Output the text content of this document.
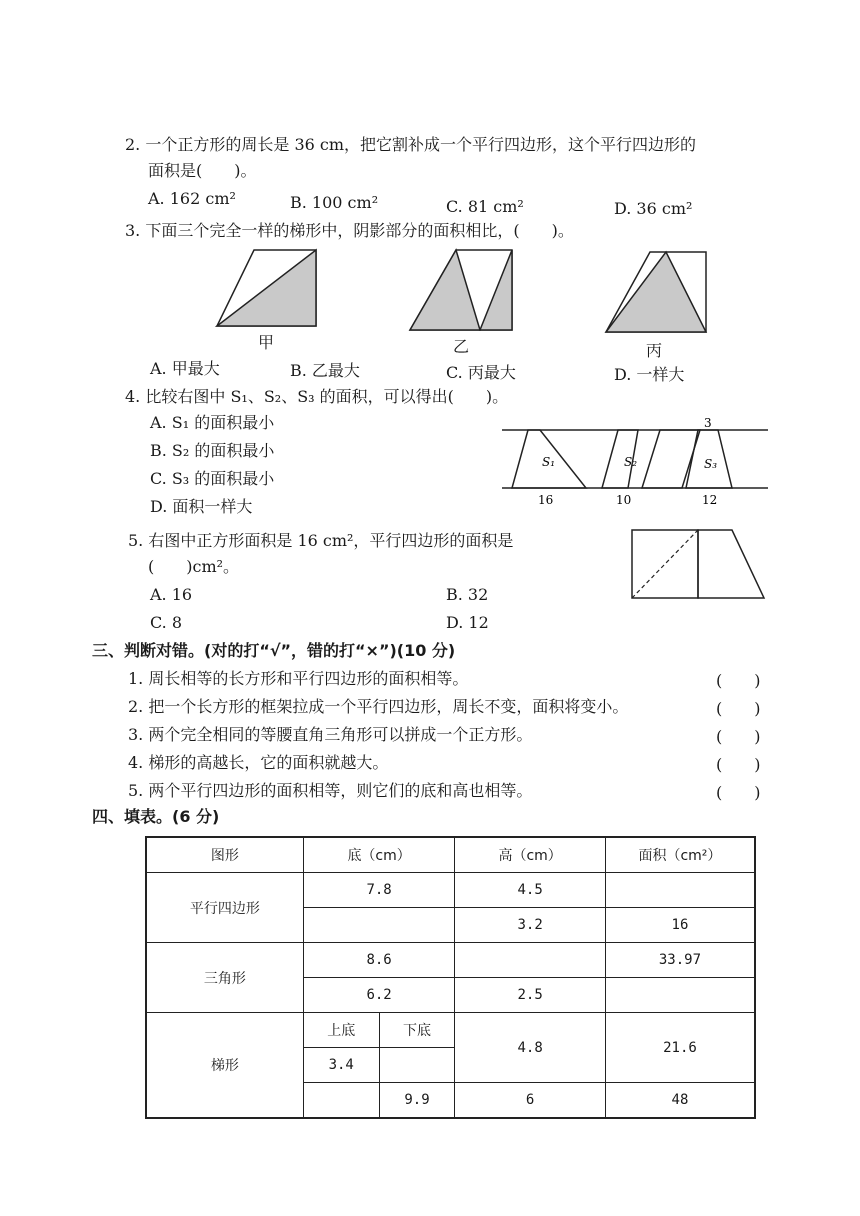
2. 一个正方形的周长是 36 cm，把它割补成一个平行四边形，这个平行四边形的
面积是(　　)。
A. 162 cm²	B. 100 cm²	C. 81 cm²	D. 36 cm²
3. 下面三个完全一样的梯形中，阴影部分的面积相比，(　　)。
甲	乙	丙
A. 甲最大	B. 乙最大	C. 丙最大	D. 一样大
4. 比较右图中 S₁、S₂、S₃ 的面积，可以得出(　　)。
A. S₁ 的面积最小
B. S₂ 的面积最小
C. S₃ 的面积最小
D. 面积一样大
S₁	S₂	S₃
3
16	10	12
5. 右图中正方形面积是 16 cm²，平行四边形的面积是
(　　)cm²。
A. 16	B. 32
C. 8	D. 12
三、判断对错。(对的打“√”，错的打“×”)(10 分)
1. 周长相等的长方形和平行四边形的面积相等。
2. 把一个长方形的框架拉成一个平行四边形，周长不变，面积将变小。
3. 两个完全相同的等腰直角三角形可以拼成一个正方形。
4. 梯形的高越长，它的面积就越大。
5. 两个平行四边形的面积相等，则它们的底和高也相等。
(　　)
(　　)
(　　)
(　　)
(　　)
四、填表。(6 分)
图形	底（cm）		高（cm）	面积（cm²）
平行四边形	7.8		4.5	
			3.2	16
三角形	8.6			33.97
	6.2		2.5	
梯形	上底	下底	4.8	21.6
	3.4			
		9.9	6	48
